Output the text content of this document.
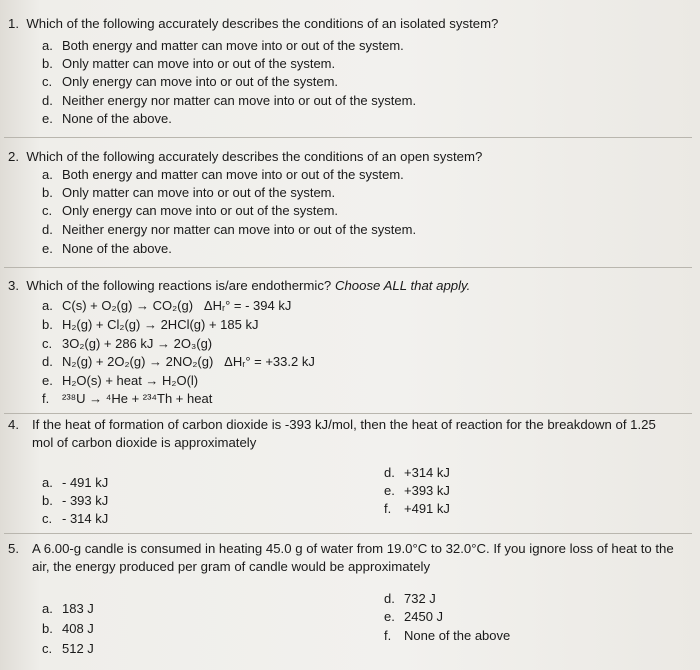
1. Which of the following accurately describes the conditions of an isolated system?
a. Both energy and matter can move into or out of the system.
b. Only matter can move into or out of the system.
c. Only energy can move into or out of the system.
d. Neither energy nor matter can move into or out of the system.
e. None of the above.
2. Which of the following accurately describes the conditions of an open system?
a. Both energy and matter can move into or out of the system.
b. Only matter can move into or out of the system.
c. Only energy can move into or out of the system.
d. Neither energy nor matter can move into or out of the system.
e. None of the above.
3. Which of the following reactions is/are endothermic? Choose ALL that apply.
a. C(s) + O₂(g) → CO₂(g)   ΔHᵣ° = - 394 kJ
b. H₂(g) + Cl₂(g) → 2HCl(g) + 185 kJ
c. 3O₂(g) + 286 kJ → 2O₃(g)
d. N₂(g) + 2O₂(g) → 2NO₂(g)   ΔHᵣ° = +33.2 kJ
e. H₂O(s) + heat → H₂O(l)
f. ²³⁸U → ⁴He + ²³⁴Th + heat
4. If the heat of formation of carbon dioxide is -393 kJ/mol, then the heat of reaction for the breakdown of 1.25 mol of carbon dioxide is approximately
a. - 491 kJ
b. - 393 kJ
c. - 314 kJ
d. +314 kJ
e. +393 kJ
f. +491 kJ
5. A 6.00-g candle is consumed in heating 45.0 g of water from 19.0°C to 32.0°C. If you ignore loss of heat to the air, the energy produced per gram of candle would be approximately
a. 183 J
b. 408 J
c. 512 J
d. 732 J
e. 2450 J
f. None of the above
